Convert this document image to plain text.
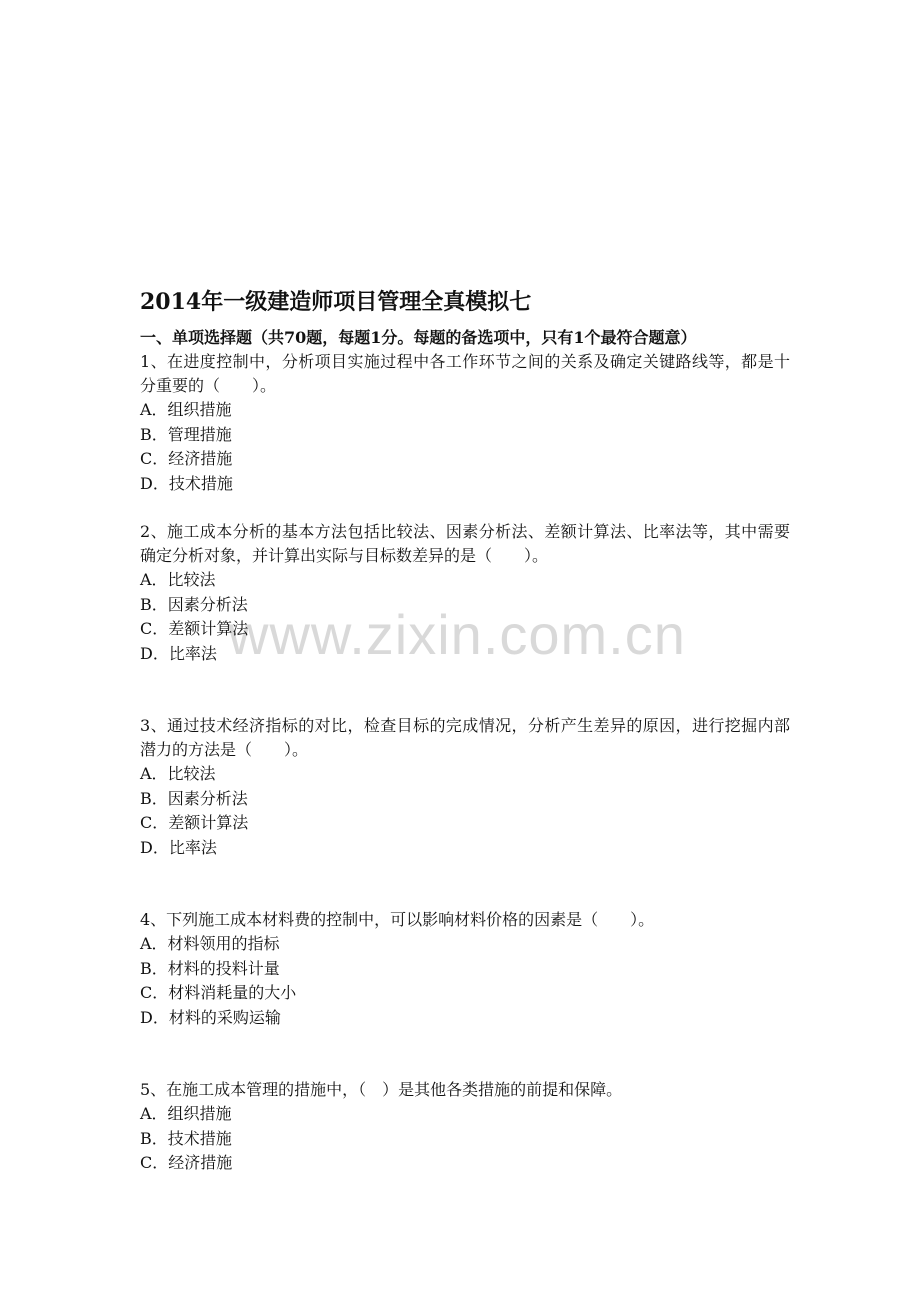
www.zixin.com.cn
2014年一级建造师项目管理全真模拟七
一、单项选择题（共70题，每题1分。每题的备选项中，只有1个最符合题意）

1、在进度控制中，分析项目实施过程中各工作环节之间的关系及确定关键路线等，都是十分重要的（　　）。

A．组织措施
B．管理措施
C．经济措施
D．技术措施

2、施工成本分析的基本方法包括比较法、因素分析法、差额计算法、比率法等，其中需要确定分析对象，并计算出实际与目标数差异的是（　　）。

A．比较法
B．因素分析法
C．差额计算法
D．比率法

3、通过技术经济指标的对比，检查目标的完成情况，分析产生差异的原因，进行挖掘内部潜力的方法是（　　）。

A．比较法
B．因素分析法
C．差额计算法
D．比率法

4、下列施工成本材料费的控制中，可以影响材料价格的因素是（　　）。

A．材料领用的指标
B．材料的投料计量
C．材料消耗量的大小
D．材料的采购运输

5、在施工成本管理的措施中，（　）是其他各类措施的前提和保障。

A．组织措施
B．技术措施
C．经济措施
